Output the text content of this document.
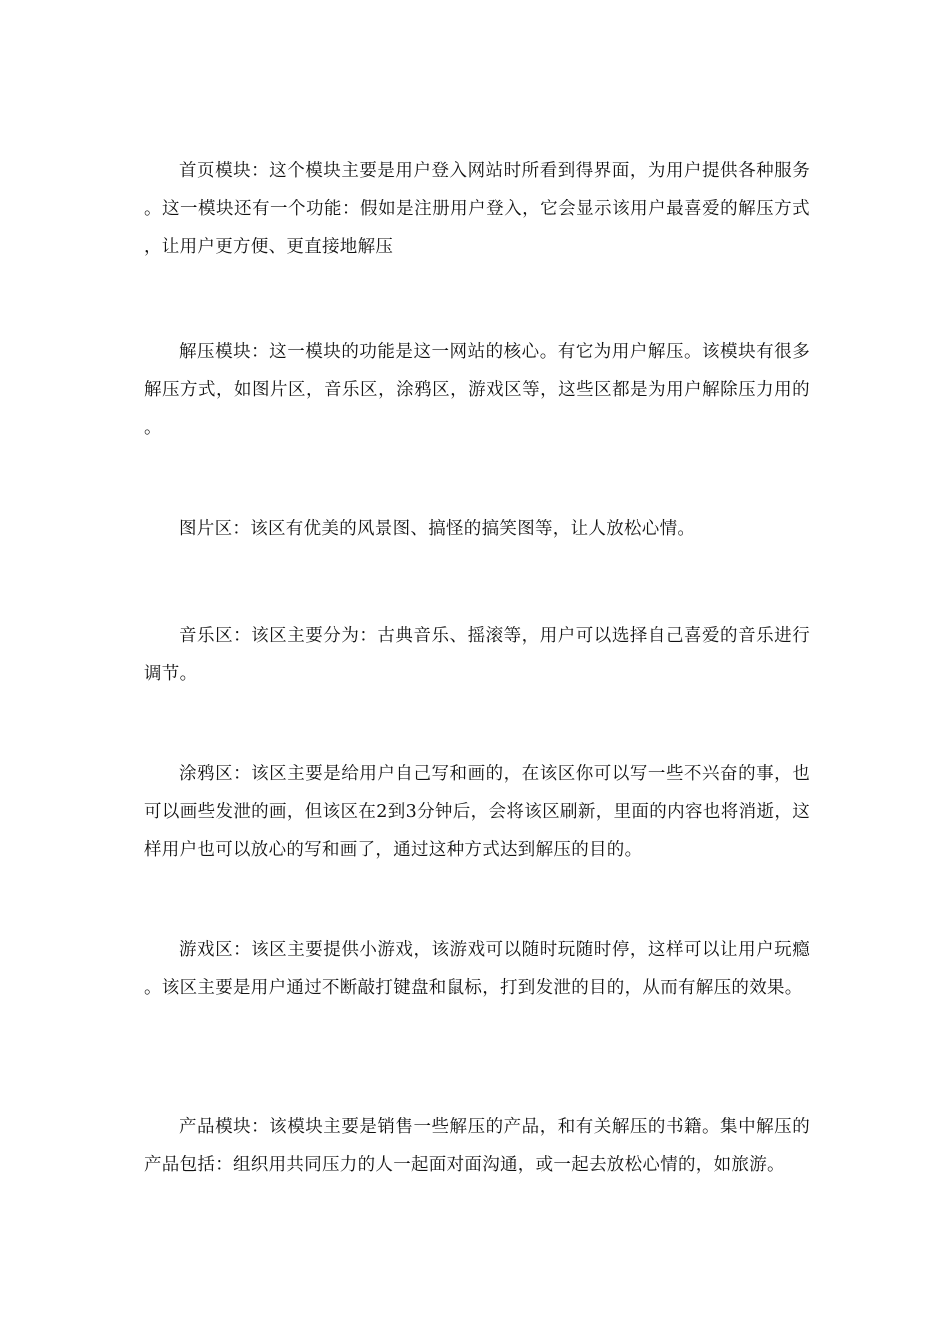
首页模块：这个模块主要是用户登入网站时所看到得界面，为用户提供各种服务。这一模块还有一个功能：假如是注册用户登入，它会显示该用户最喜爱的解压方式，让用户更方便、更直接地解压

解压模块：这一模块的功能是这一网站的核心。有它为用户解压。该模块有很多解压方式，如图片区，音乐区，涂鸦区，游戏区等，这些区都是为用户解除压力用的。

图片区：该区有优美的风景图、搞怪的搞笑图等，让人放松心情。

音乐区：该区主要分为：古典音乐、摇滚等，用户可以选择自己喜爱的音乐进行调节。

涂鸦区：该区主要是给用户自己写和画的，在该区你可以写一些不兴奋的事，也可以画些发泄的画，但该区在2到3分钟后，会将该区刷新，里面的内容也将消逝，这样用户也可以放心的写和画了，通过这种方式达到解压的目的。

游戏区：该区主要提供小游戏，该游戏可以随时玩随时停，这样可以让用户玩瘾。该区主要是用户通过不断敲打键盘和鼠标，打到发泄的目的，从而有解压的效果。

产品模块：该模块主要是销售一些解压的产品，和有关解压的书籍。集中解压的产品包括：组织用共同压力的人一起面对面沟通，或一起去放松心情的，如旅游。
